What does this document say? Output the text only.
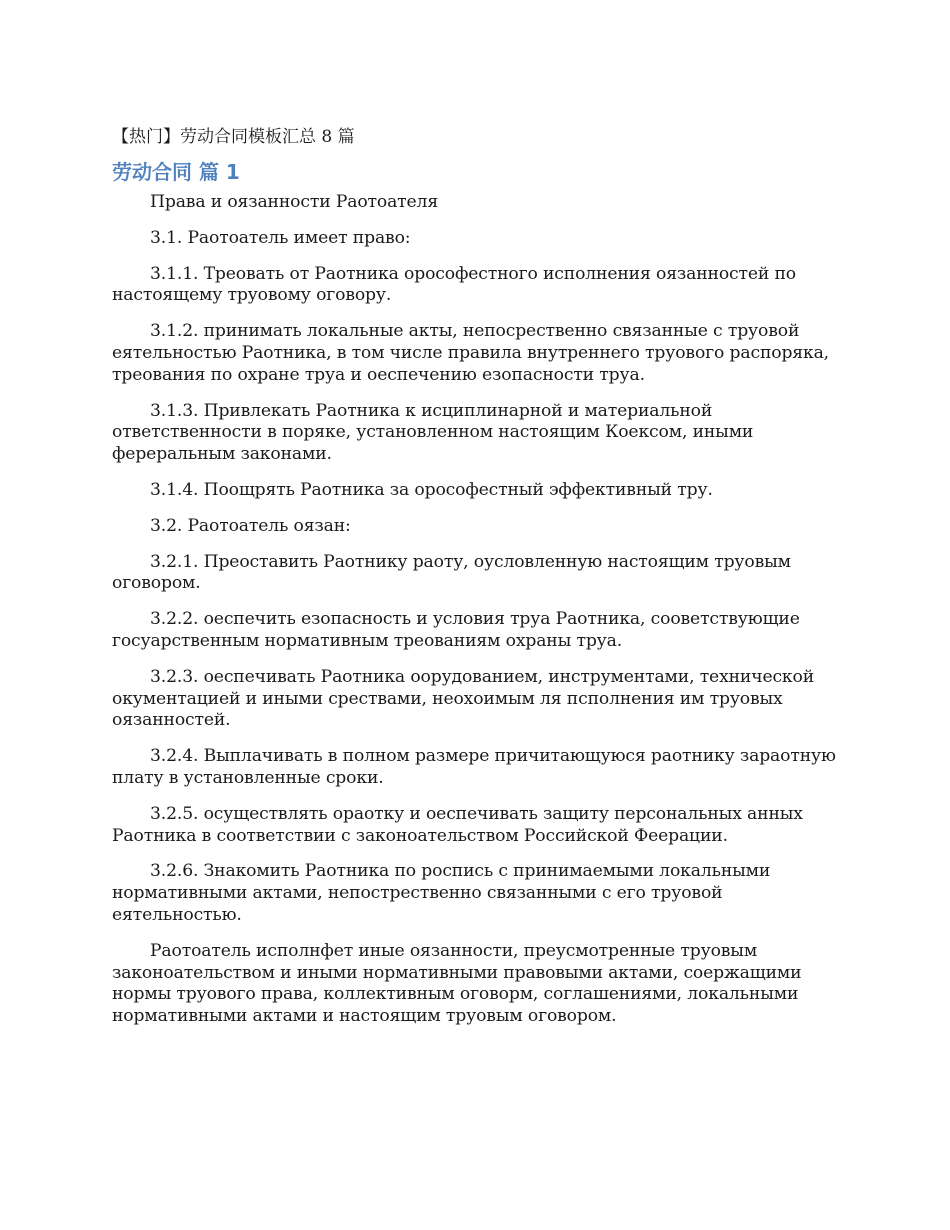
【热门】劳动合同模板汇总 8 篇
劳动合同 篇 1

Права и оязанности Раотоателя

3.1. Раотоатель имеет право:

3.1.1. Треовать от Раотника орософестного исполнения оязанностей по настоящему труовому оговору.

3.1.2. принимать локальные акты, непосрественно связанные с труовой еятельностью Раотника, в том числе правила внутреннего труового распоряка, треования по охране труа и оеспечению езопасности труа.

3.1.3. Привлекать Раотника к исциплинарной и материальной ответственности в поряке, установленном настоящим Коексом, иными фереральным законами.

3.1.4. Поощрять Раотника за орософестный эффективный тру.

3.2. Раотоатель оязан:

3.2.1. Преоставить Раотнику раоту, оусловленную настоящим труовым оговором.

3.2.2. оеспечить езопасность и условия труа Раотника, сооветствующие госуарственным нормативным треованиям охраны труа.

3.2.3. оеспечивать Раотника оорудованием, инструментами, технической окументацией и иными срествами, неохоимым ля псполнения им труовых оязанностей.

3.2.4. Выплачивать в полном размере причитающуюся раотнику зараотную плату в установленные сроки.

3.2.5. осуществлять ораотку и оеспечивать защиту персональных анных Раотника в соответствии с законоательством Российской Феерации.

3.2.6. Знакомить Раотника по роспись с принимаемыми локальными нормативными актами, непострественно связанными с его труовой еятельностью.

Раотоатель исполнфет иные оязанности, преусмотренные труовым законоательством и иными нормативными правовыми актами, соержащими нормы труового права, коллективным оговорм, соглашениями, локальными нормативными актами и настоящим труовым оговором.
